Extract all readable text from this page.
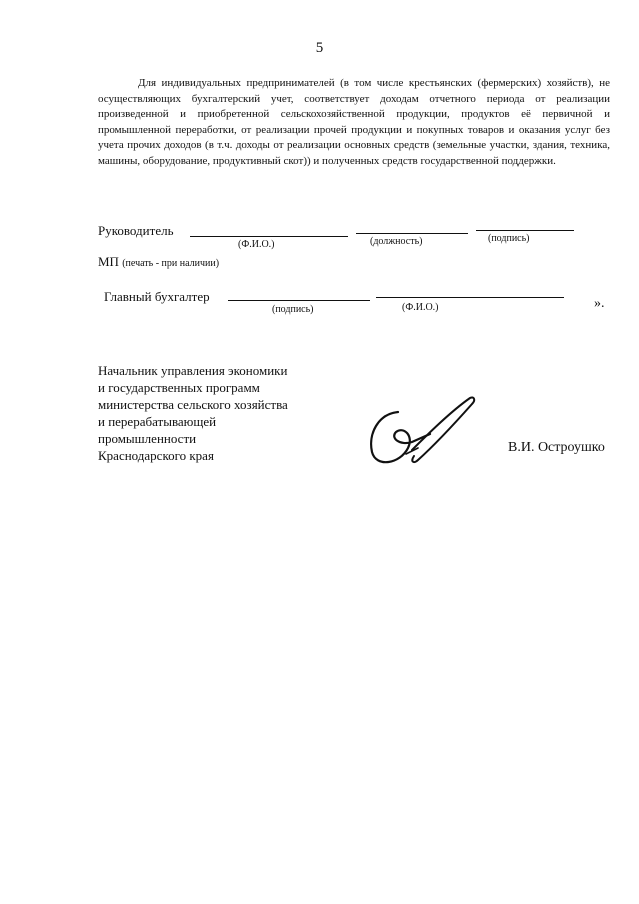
5

Для индивидуальных предпринимателей (в том числе крестьянских (фермерских) хозяйств), не осуществляющих бухгалтерский учет, соответствует доходам отчетного периода от реализации произведенной и приобретенной сельскохозяйственной продукции, продуктов её первичной и промышленной переработки, от реализации прочей продукции и покупных товаров и оказания услуг без учета прочих доходов (в т.ч. доходы от реализации основных средств (земельные участки, здания, техника, машины, оборудование, продуктивный скот)) и полученных средств государственной поддержки.

Руководитель
(Ф.И.О.)	(должность)	(подпись)
МП (печать - при наличии)
Главный бухгалтер
(подпись)	(Ф.И.О.)	».
Начальник управления экономики
и государственных программ
министерства сельского хозяйства
и перерабатывающей
промышленности
Краснодарского края
В.И. Остроушко
